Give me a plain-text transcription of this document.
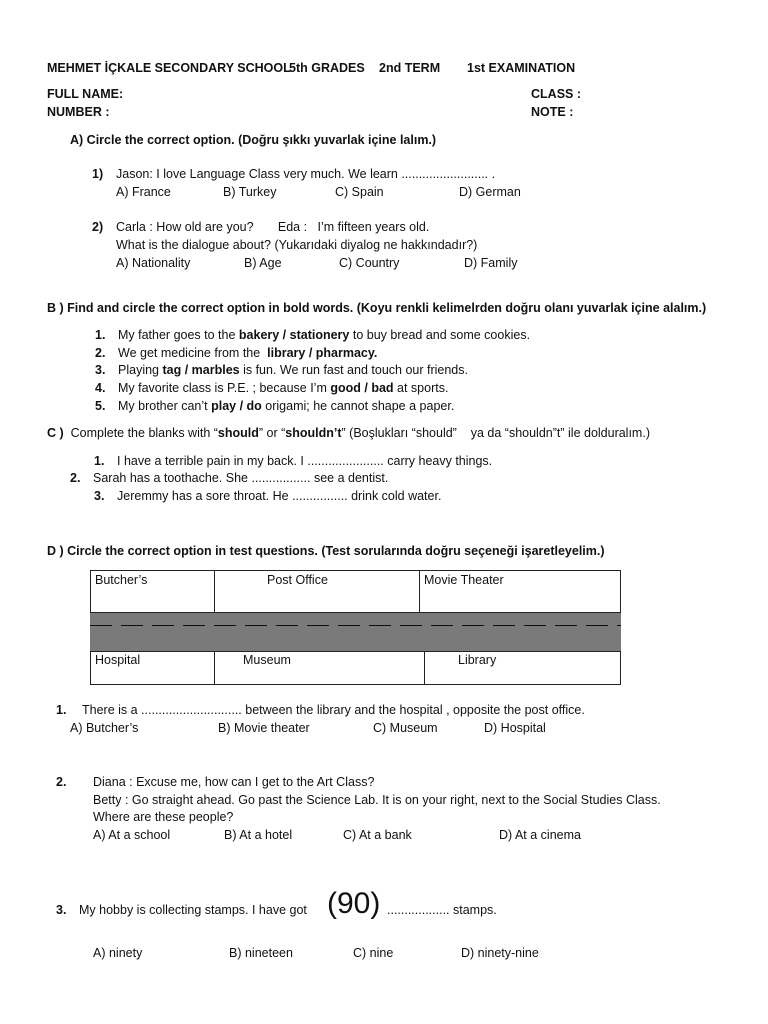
MEHMET İÇKALE SECONDARY SCHOOL
5th GRADES 2nd TERM 1st EXAMINATION
FULL NAME:	CLASS :
NUMBER :	NOTE :
A) Circle the correct option. (Doğru şıkkı yuvarlak içine lalım.)
1) Jason: I love Language Class very much. We learn ......................... .
A) France	B) Turkey	C) Spain	D) German
2) Carla : How old are you?       Eda :   I’m fifteen years old.
What is the dialogue about? (Yukarıdaki diyalog ne hakkındadır?)
A) Nationality	B) Age	C) Country	D) Family
B ) Find and circle the correct option in bold words. (Koyu renkli kelimelrden doğru olanı yuvarlak içine alalım.)
1. My father goes to the bakery / stationery to buy bread and some cookies.
2. We get medicine from the  library / pharmacy.
3. Playing tag / marbles is fun. We run fast and touch our friends.
4. My favorite class is P.E. ; because I’m good / bad at sports.
5. My brother can’t play / do origami; he cannot shape a paper.
C )  Complete the blanks with “should” or “shouldn’t” (Boşlukları “should”    ya da “shouldn”t” ile dolduralım.)
1. I have a terrible pain in my back. I ...................... carry heavy things.
2. Sarah has a toothache. She ................. see a dentist.
3. Jeremmy has a sore throat. He ................ drink cold water.
D ) Circle the correct option in test questions. (Test sorularında doğru seçeneği işaretleyelim.)
Butcher’s	Post Office	Movie Theater
Hospital	Museum	Library
1. There is a ............................. between the library and the hospital , opposite the post office.
A) Butcher’s	B) Movie theater	C) Museum	D) Hospital
2. Diana : Excuse me, how can I get to the Art Class?
Betty : Go straight ahead. Go past the Science Lab. It is on your right, next to the Social Studies Class.
Where are these people?
A) At a school	B) At a hotel	C) At a bank	D) At a cinema
3. My hobby is collecting stamps. I have got (90) .................. stamps.
A) ninety	B) nineteen	C) nine	D) ninety-nine
